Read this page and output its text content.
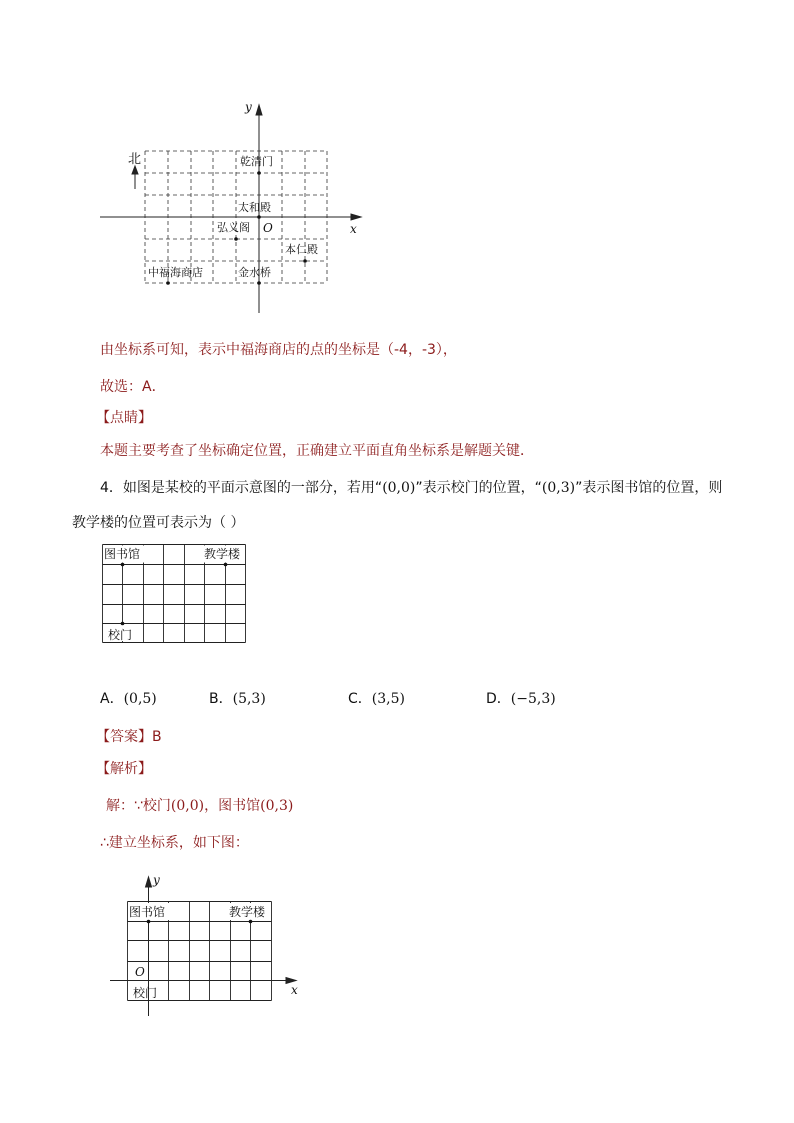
北
y
x
O
乾清门
太和殿
弘义阁
本仁殿
中福海商店	金水桥
由坐标系可知，表示中福海商店的点的坐标是（-4，-3），
故选：A．
【点睛】
本题主要考查了坐标确定位置，正确建立平面直角坐标系是解题关键．
4．如图是某校的平面示意图的一部分，若用“(0,0)”表示校门的位置，“(0,3)”表示图书馆的位置，则
教学楼的位置可表示为（ ）
图书馆	教学楼
校门
A．(0,5)	B．(5,3)	C．(3,5)	D．(−5,3)
【答案】B
【解析】
解：∵校门(0,0)，图书馆(0,3)
∴建立坐标系，如下图：
图书馆	教学楼
校门
O
y
x
